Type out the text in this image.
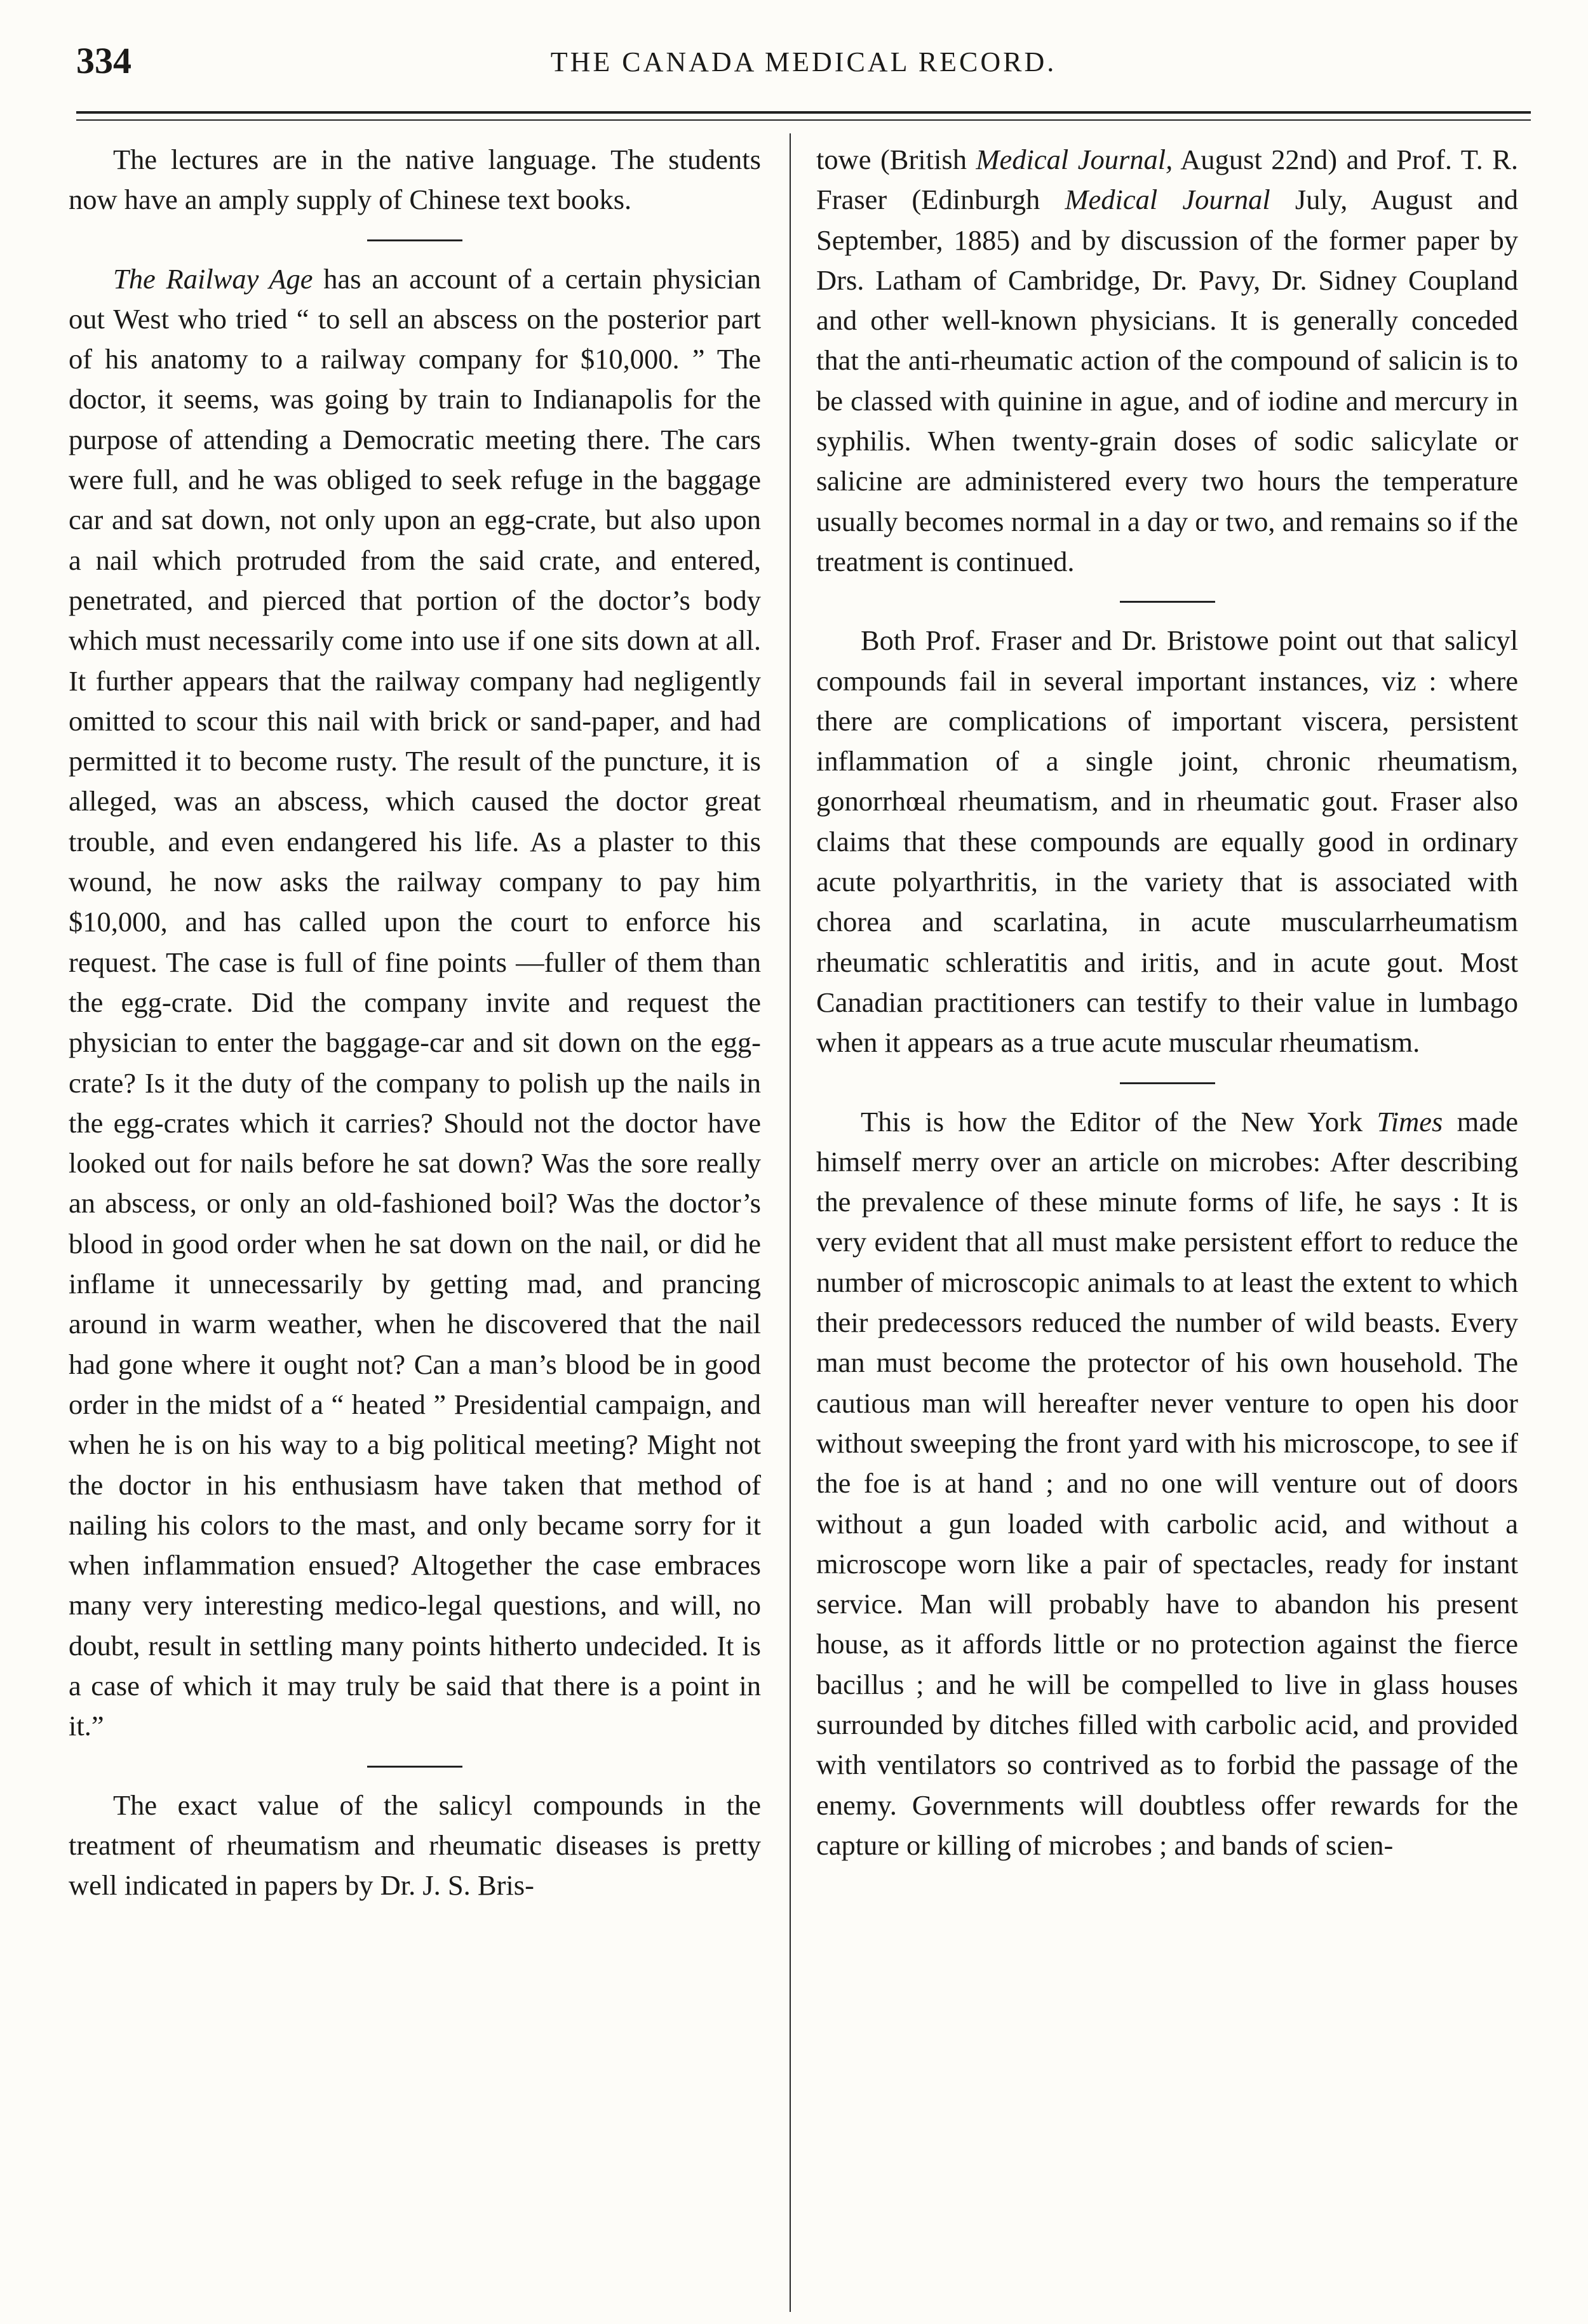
334	THE CANADA MEDICAL RECORD.

The lectures are in the native language. The students now have an amply supply of Chinese text books.

The Railway Age has an account of a certain physician out West who tried “ to sell an abscess on the posterior part of his anatomy to a railway company for $10,000. ” The doctor, it seems, was going by train to Indianapolis for the purpose of attending a Democratic meeting there. The cars were full, and he was obliged to seek refuge in the baggage car and sat down, not only upon an egg-crate, but also upon a nail which protruded from the said crate, and entered, penetrated, and pierced that portion of the doctor’s body which must necessarily come into use if one sits down at all. It further appears that the railway company had negligently omitted to scour this nail with brick or sand-paper, and had permitted it to become rusty. The result of the puncture, it is alleged, was an abscess, which caused the doctor great trouble, and even endangered his life. As a plaster to this wound, he now asks the railway company to pay him $10,000, and has called upon the court to enforce his request. The case is full of fine points —fuller of them than the egg-crate. Did the company invite and request the physician to enter the baggage-car and sit down on the egg-crate? Is it the duty of the company to polish up the nails in the egg-crates which it carries? Should not the doctor have looked out for nails before he sat down? Was the sore really an abscess, or only an old-fashioned boil? Was the doctor’s blood in good order when he sat down on the nail, or did he inflame it unnecessarily by getting mad, and prancing around in warm weather, when he discovered that the nail had gone where it ought not? Can a man’s blood be in good order in the midst of a “ heated ” Presidential campaign, and when he is on his way to a big political meeting? Might not the doctor in his enthusiasm have taken that method of nailing his colors to the mast, and only became sorry for it when inflammation ensued? Altogether the case embraces many very interesting medico-legal questions, and will, no doubt, result in settling many points hitherto undecided. It is a case of which it may truly be said that there is a point in it.”

The exact value of the salicyl compounds in the treatment of rheumatism and rheumatic diseases is pretty well indicated in papers by Dr. J. S. Bris-

towe (British Medical Journal, August 22nd) and Prof. T. R. Fraser (Edinburgh Medical Journal July, August and September, 1885) and by discussion of the former paper by Drs. Latham of Cambridge, Dr. Pavy, Dr. Sidney Coupland and other well-known physicians. It is generally conceded that the anti-rheumatic action of the compound of salicin is to be classed with quinine in ague, and of iodine and mercury in syphilis. When twenty-grain doses of sodic salicylate or salicine are administered every two hours the temperature usually becomes normal in a day or two, and remains so if the treatment is continued.

Both Prof. Fraser and Dr. Bristowe point out that salicyl compounds fail in several important instances, viz : where there are complications of important viscera, persistent inflammation of a single joint, chronic rheumatism, gonorrhœal rheumatism, and in rheumatic gout. Fraser also claims that these compounds are equally good in ordinary acute polyarthritis, in the variety that is associated with chorea and scarlatina, in acute muscularrheumatism rheumatic schleratitis and iritis, and in acute gout. Most Canadian practitioners can testify to their value in lumbago when it appears as a true acute muscular rheumatism.

This is how the Editor of the New York Times made himself merry over an article on microbes: After describing the prevalence of these minute forms of life, he says : It is very evident that all must make persistent effort to reduce the number of microscopic animals to at least the extent to which their predecessors reduced the number of wild beasts. Every man must become the protector of his own household. The cautious man will hereafter never venture to open his door without sweeping the front yard with his microscope, to see if the foe is at hand ; and no one will venture out of doors without a gun loaded with carbolic acid, and without a microscope worn like a pair of spectacles, ready for instant service. Man will probably have to abandon his present house, as it affords little or no protection against the fierce bacillus ; and he will be compelled to live in glass houses surrounded by ditches filled with carbolic acid, and provided with ventilators so contrived as to forbid the passage of the enemy. Governments will doubtless offer rewards for the capture or killing of microbes ; and bands of scien-
